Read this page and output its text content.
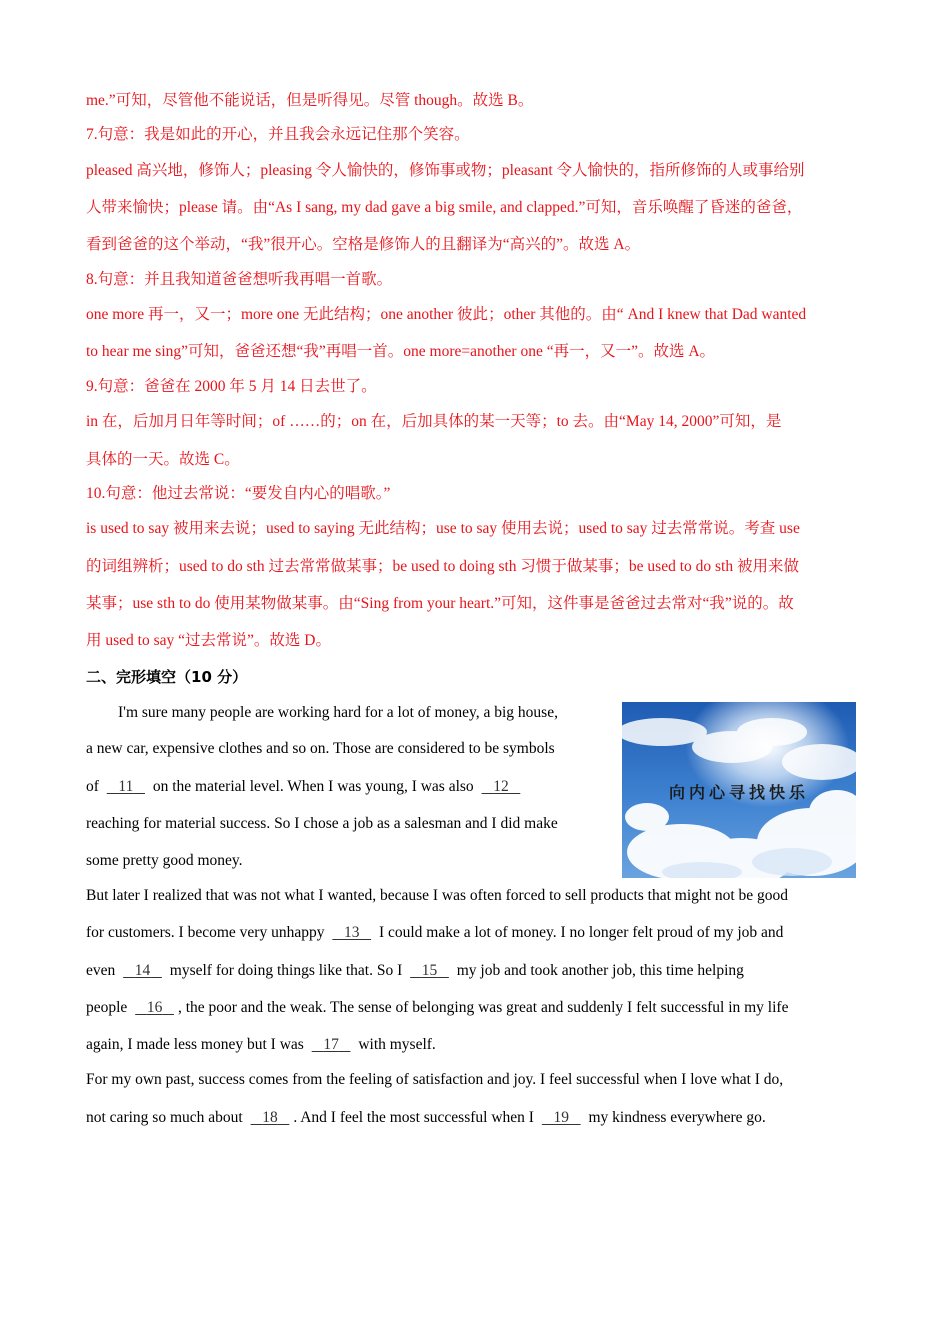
me.”可知，尽管他不能说话，但是听得见。尽管 though。故选 B。
7.句意：我是如此的开心，并且我会永远记住那个笑容。
pleased 高兴地，修饰人；pleasing 令人愉快的，修饰事或物；pleasant 令人愉快的，指所修饰的人或事给别
人带来愉快；please 请。由“As I sang, my dad gave a big smile, and clapped.”可知，音乐唤醒了昏迷的爸爸，
看到爸爸的这个举动，“我”很开心。空格是修饰人的且翻译为“高兴的”。故选 A。
8.句意：并且我知道爸爸想听我再唱一首歌。
one more 再一，又一；more one 无此结构；one another 彼此；other 其他的。由“ And I knew that Dad wanted
to hear me sing”可知，爸爸还想“我”再唱一首。one more=another one “再一，又一”。故选 A。
9.句意：爸爸在 2000 年 5 月 14 日去世了。
in 在，后加月日年等时间；of ……的；on 在，后加具体的某一天等；to 去。由“May 14, 2000”可知，是
具体的一天。故选 C。
10.句意：他过去常说：“要发自内心的唱歌。”
is used to say 被用来去说；used to saying 无此结构；use to say 使用去说；used to say 过去常常说。考查 use
的词组辨析；used to do sth 过去常常做某事；be used to doing sth 习惯于做某事；be used to do sth 被用来做
某事；use sth to do 使用某物做某事。由“Sing from your heart.”可知，这件事是爸爸过去常对“我”说的。故
用 used to say “过去常说”。故选 D。
二、完形填空（10 分）
I'm sure many people are working hard for a lot of money, a big house,
a new car, expensive clothes and so on. Those are considered to be symbols
of 11 on the material level. When I was young, I was also 12
reaching for material success. So I chose a job as a salesman and I did make
some pretty good money.
向内心寻找快乐
But later I realized that was not what I wanted, because I was often forced to sell products that might not be good
for customers. I become very unhappy 13 I could make a lot of money. I no longer felt proud of my job and
even 14 myself for doing things like that. So I 15 my job and took another job, this time helping
people 16 , the poor and the weak. The sense of belonging was great and suddenly I felt successful in my life
again, I made less money but I was 17 with myself.
For my own past, success comes from the feeling of satisfaction and joy. I feel successful when I love what I do,
not caring so much about 18 . And I feel the most successful when I 19 my kindness everywhere go.
